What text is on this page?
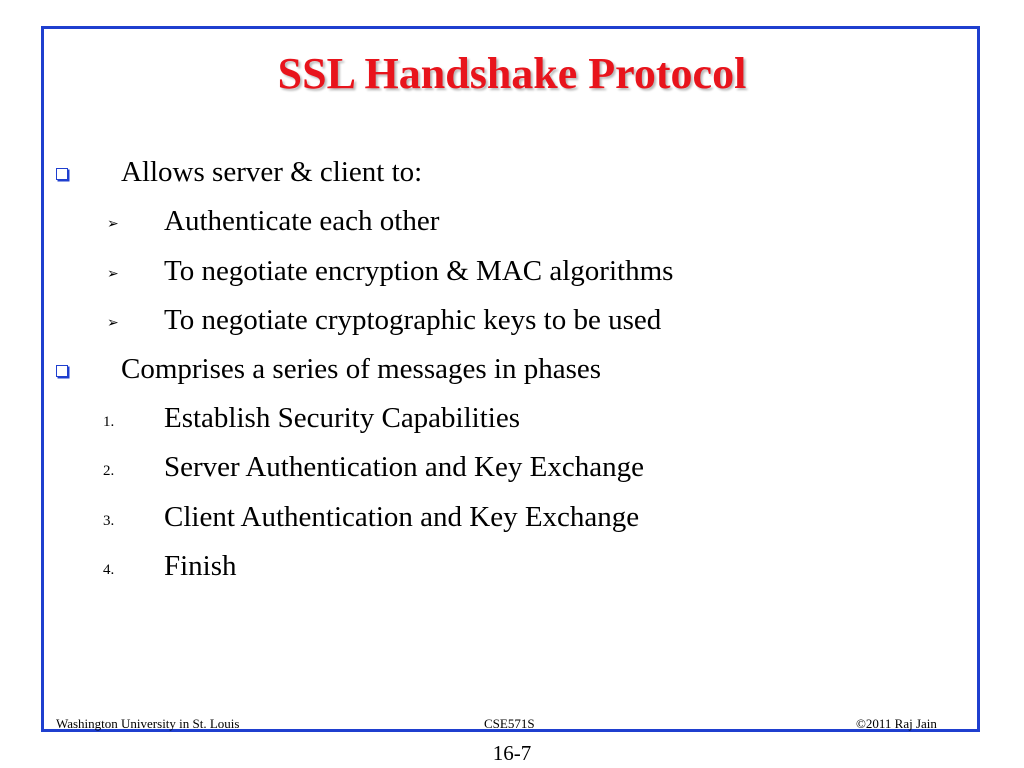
SSL Handshake Protocol
Allows server & client to:
➢ Authenticate each other
➢ To negotiate encryption & MAC algorithms
➢ To negotiate cryptographic keys to be used
Comprises a series of messages in phases
1. Establish Security Capabilities
2. Server Authentication and Key Exchange
3. Client Authentication and Key Exchange
4. Finish
Washington University in St. Louis	CSE571S	©2011 Raj Jain
16-7
